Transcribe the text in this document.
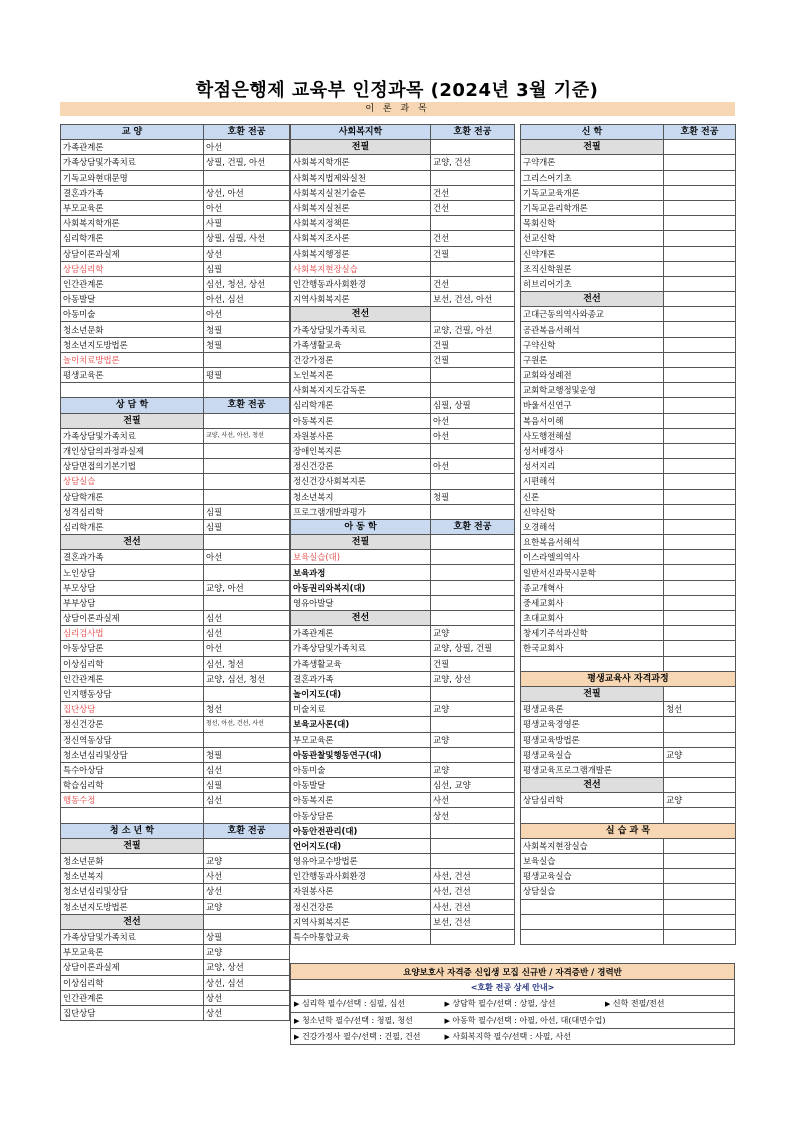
학점은행제 교육부 인정과목 (2024년 3월 기준)
이 론 과 목
교 양	호환 전공
가족관계론	아선
가족상담및가족치료	상필, 건필, 아선
기독교와현대문명	
결혼과가족	상선, 아선
부모교육론	아선
사회복지학개론	사필
심리학개론	상필, 심필, 사선
상담이론과실제	상선
상담심리학	심필
인간관계론	심선, 청선, 상선
아동발달	아선, 심선
아동미술	아선
청소년문화	청필
청소년지도방법론	청필
놀이치료방법론	
평생교육론	평필

상 담 학	호환 전공
전필	
가족상담및가족치료	교양, 사선, 아선, 청선
개인상담의과정과실제	
상담면접의기본기법	
상담실습	
상담학개론	
성격심리학	심필
심리학개론	심필
전선	
결혼과가족	아선
노인상담	
부모상담	교양, 아선
부부상담	
상담이론과실제	심선
심리검사법	심선
아동상담론	아선
이상심리학	심선, 청선
인간관계론	교양, 심선, 청선
인지행동상담	
집단상담	청선
정신건강론	청선, 아선, 건선, 사선
정신역동상담	
청소년심리및상담	청필
특수아상담	심선
학습심리학	심필
행동수정	심선

청 소 년 학	호환 전공
전필	
청소년문화	교양
청소년복지	사선
청소년심리및상담	상선
청소년지도방법론	교양
전선	
가족상담및가족치료	상필
부모교육론	교양
상담이론과실제	교양, 상선
이상심리학	상선, 심선
인간관계론	상선
집단상담	상선
사회복지학	호환 전공
전필	
사회복지학개론	교양, 건선
사회복지법제와실천	
사회복지실천기술론	건선
사회복지실천론	건선
사회복지정책론	
사회복지조사론	건선
사회복지행정론	건필
사회복지현장실습	
인간행동과사회환경	건선
지역사회복지론	보선, 건선, 아선
전선	
가족상담및가족치료	교양, 건필, 아선
가족생활교육	건필
건강가정론	건필
노인복지론	
사회복지지도감독론	
심리학개론	심필, 상필
아동복지론	아선
자원봉사론	아선
장애인복지론	
정신건강론	아선
정신건강사회복지론	
청소년복지	청필
프로그램개발과평가	
아 동 학	호환 전공
전필	
보육실습(대)	
보육과정	
아동권리와복지(대)	
영유아발달	
전선	
가족관계론	교양
가족상담및가족치료	교양, 상필, 건필
가족생활교육	건필
결혼과가족	교양, 상선
놀이지도(대)	
미술치료	교양
보육교사론(대)	
부모교육론	교양
아동관찰및행동연구(대)	
아동미술	교양
아동발달	심선, 교양
아동복지론	사선
아동상담론	상선
아동안전관리(대)	
언어지도(대)	
영유아교수방법론	
인간행동과사회환경	사선, 건선
자원봉사론	사선, 건선
정신건강론	사선, 건선
지역사회복지론	보선, 건선
특수아통합교육	
신 학	호환 전공
전필	
구약개론	
그리스어기초	
기독교교육개론	
기독교윤리학개론	
목회신학	
선교신학	
신약개론	
조직신학원론	
히브리어기초	
전선	
고대근동의역사와종교	
공관복음서해석	
구약신학	
구원론	
교회와성례전	
교회학교행정및운영	
바울서신연구	
복음서이해	
사도행전해설	
성서배경사	
성서지리	
시편해석	
신론	
신약신학	
오경해석	
요한복음서해석	
이스라엘의역사	
일반서신과묵시문학	
종교개혁사	
중세교회사	
초대교회사	
창세기주석과신학	
한국교회사	

평생교육사 자격과정	
전필	
평생교육론	청선
평생교육경영론	
평생교육방법론	
평생교육실습	교양
평생교육프로그램개발론	
전선	
상담심리학	교양

실 습 과 목	
사회복지현장실습	
보육실습	
평생교육실습	
상담실습	

요양보호사 자격증 신입생 모집 신규반 / 자격증반 / 경력반
<호환 전공 상세 안내>
▶ 심리학 필수/선택 : 심필, 심선	▶ 상담학 필수/선택 : 상필, 상선	▶ 신학 전필/전선
▶ 청소년학 필수/선택 : 청필, 청선	▶ 아동학 필수/선택 : 아필, 아선, 대(대면수업)
▶ 건강가정사 필수/선택 : 건필, 건선	▶ 사회복지학 필수/선택 : 사필, 사선
